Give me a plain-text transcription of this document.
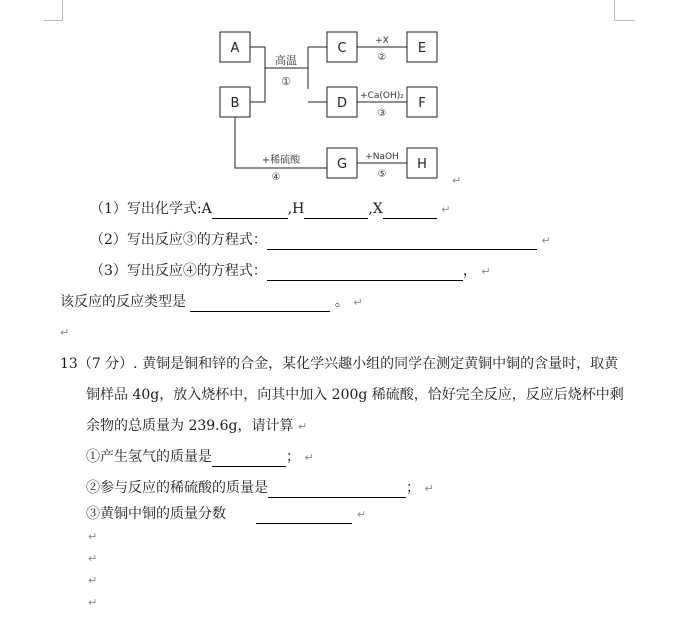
A
B
C
D
E
F
G	H
高温
①
+X
②
+Ca(OH)₂
③
+稀硫酸
④
+NaOH
⑤	↵
（1）写出化学式:A	,H	,X	↵
（2）写出反应③的方程式：	↵
（3）写出反应④的方程式：	， ↵
该反应的反应类型是	。 ↵
↵
13（7 分）. 黄铜是铜和锌的合金，某化学兴趣小组的同学在测定黄铜中铜的含量时，取黄
铜样品 40g，放入烧杯中，向其中加入 200g 稀硫酸，恰好完全反应，反应后烧杯中剩
余物的总质量为 239.6g，请计算 ↵
①产生氢气的质量是	； ↵
②参与反应的稀硫酸的质量是	； ↵
③黄铜中铜的质量分数	↵
↵
↵
↵
↵
